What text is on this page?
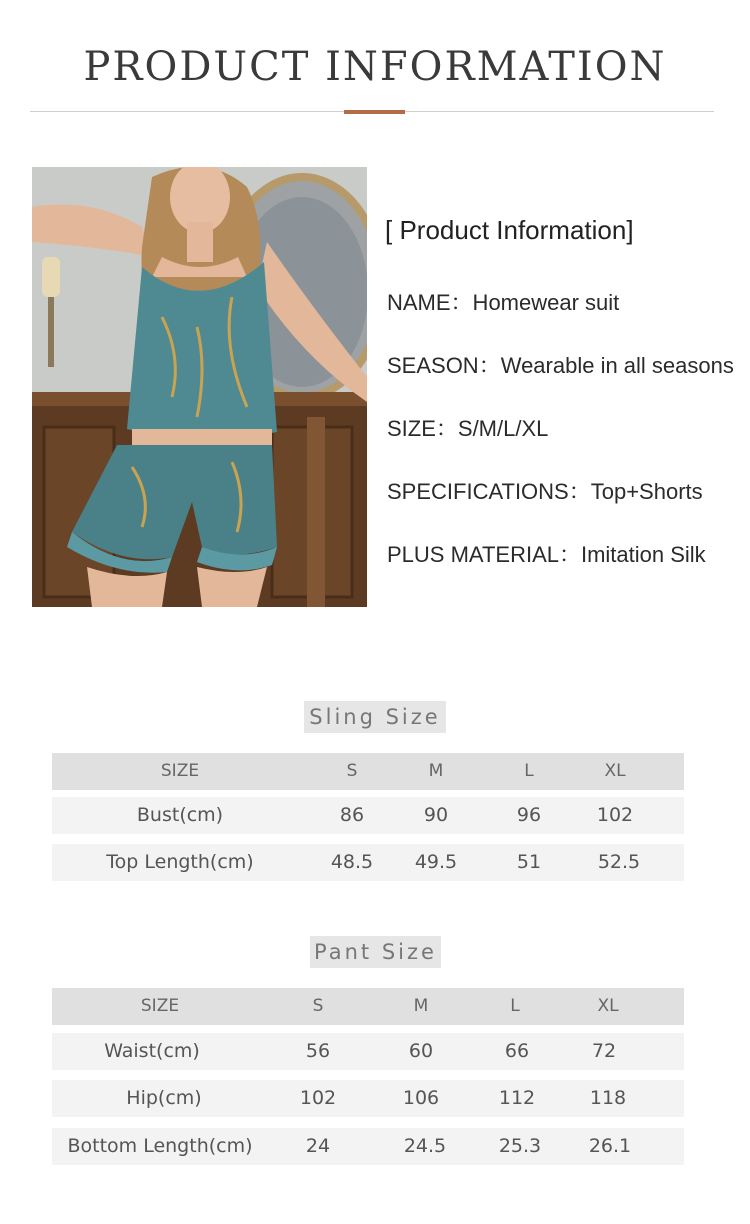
PRODUCT INFORMATION
[ Product Information]
NAME：Homewear suit
SEASON：Wearable in all seasons
SIZE：S/M/L/XL
SPECIFICATIONS：Top+Shorts
PLUS MATERIAL：Imitation Silk
Sling Size
SIZE	S	M	L	XL
Bust(cm)	86	90	96	102
Top Length(cm)	48.5	49.5	51	52.5
Pant Size
SIZE	S	M	L	XL
Waist(cm)	56	60	66	72
Hip(cm)	102	106	112	118
Bottom Length(cm)	24	24.5	25.3	26.1
